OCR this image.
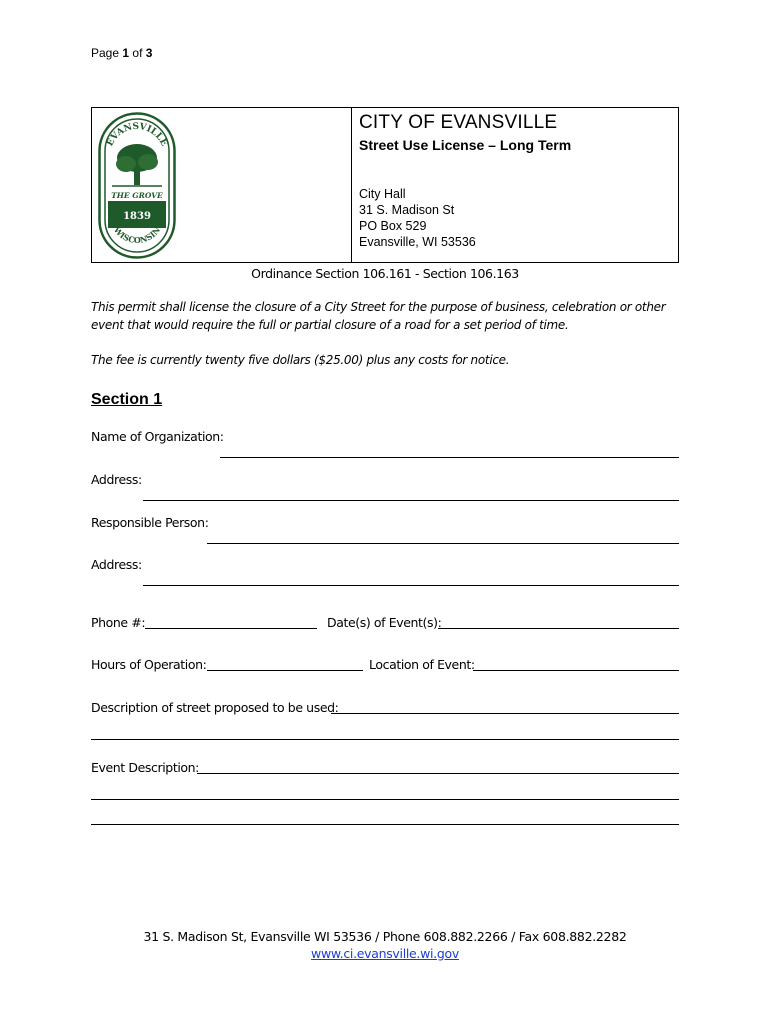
Page 1 of 3
EVANSVILLE
THE GROVE
1839
WISCONSIN
CITY OF EVANSVILLE
Street Use License – Long Term
City Hall
31 S. Madison St
PO Box 529
Evansville, WI 53536
Ordinance Section 106.161 - Section 106.163
This permit shall license the closure of a City Street for the purpose of business, celebration or other event that would require the full or partial closure of a road for a set period of time.
The fee is currently twenty five dollars ($25.00) plus any costs for notice.
Section 1
Name of Organization:
Address:
Responsible Person:
Address:
Phone #:	Date(s) of Event(s):
Hours of Operation:	Location of Event:
Description of street proposed to be used:
Event Description:
31 S. Madison St, Evansville WI 53536 / Phone 608.882.2266 / Fax 608.882.2282
www.ci.evansville.wi.gov
